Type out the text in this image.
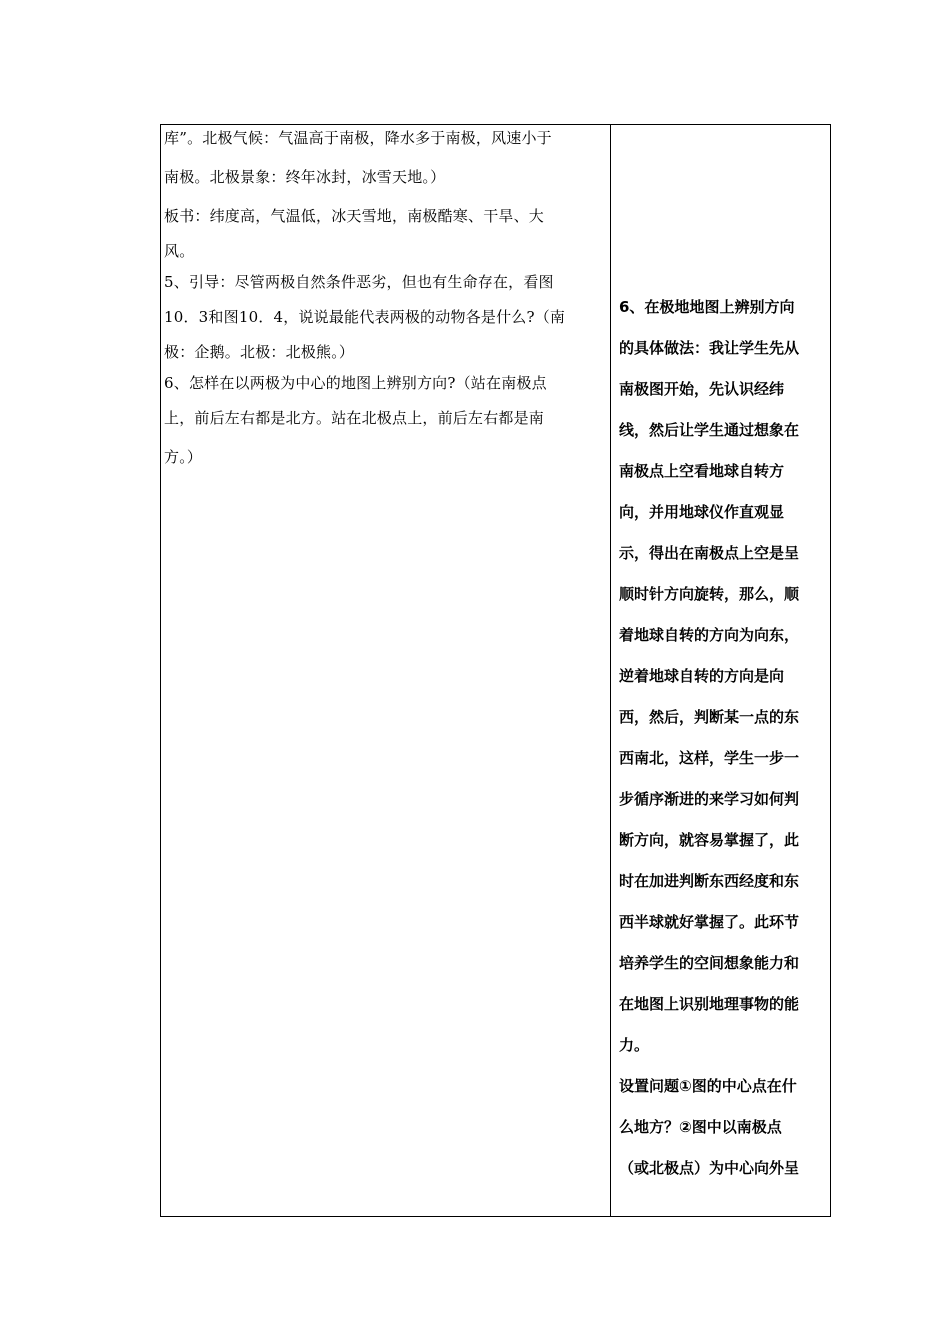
库”。北极气候：气温高于南极，降水多于南极，风速小于
南极。北极景象：终年冰封，冰雪天地。）
板书：纬度高，气温低，冰天雪地，南极酷寒、干旱、大
风。
5、引导：尽管两极自然条件恶劣，但也有生命存在，看图
10．3和图10．4，说说最能代表两极的动物各是什么?（南
极：企鹅。北极：北极熊。）
6、怎样在以两极为中心的地图上辨别方向?（站在南极点
上，前后左右都是北方。站在北极点上，前后左右都是南
方。）
6、在极地地图上辨别方向
的具体做法：我让学生先从
南极图开始，先认识经纬
线，然后让学生通过想象在
南极点上空看地球自转方
向，并用地球仪作直观显
示，得出在南极点上空是呈
顺时针方向旋转，那么，顺
着地球自转的方向为向东，
逆着地球自转的方向是向
西，然后，判断某一点的东
西南北，这样，学生一步一
步循序渐进的来学习如何判
断方向，就容易掌握了，此
时在加进判断东西经度和东
西半球就好掌握了。此环节
培养学生的空间想象能力和
在地图上识别地理事物的能
力。
设置问题①图的中心点在什
么地方？②图中以南极点
（或北极点）为中心向外呈
